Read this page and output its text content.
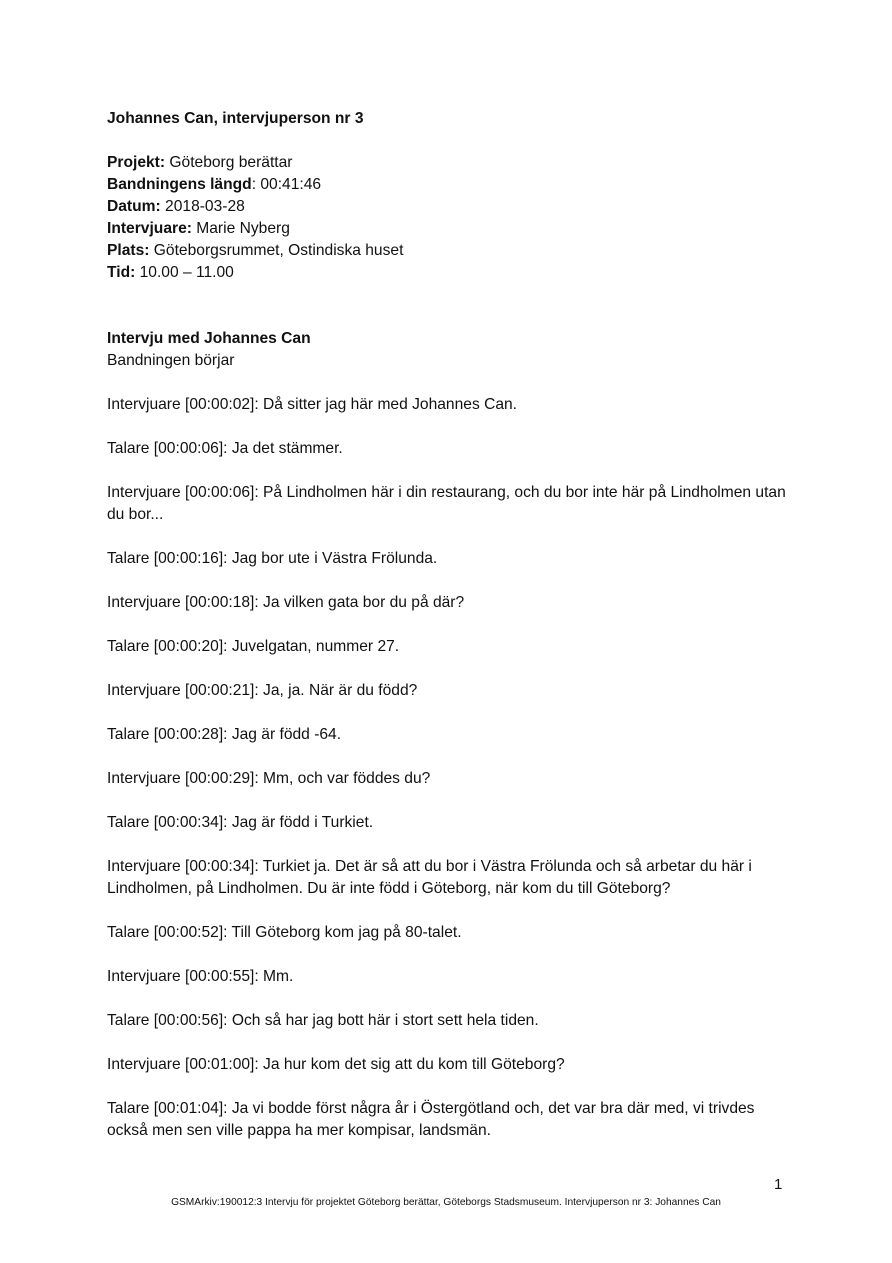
Johannes Can, intervjuperson nr 3

Projekt: Göteborg berättar

Bandningens längd: 00:41:46

Datum: 2018-03-28

Intervjuare: Marie Nyberg

Plats: Göteborgsrummet, Ostindiska huset

Tid: 10.00 – 11.00

Intervju med Johannes Can

Bandningen börjar

Intervjuare [00:00:02]: Då sitter jag här med Johannes Can.

Talare [00:00:06]: Ja det stämmer.

Intervjuare [00:00:06]: På Lindholmen här i din restaurang, och du bor inte här på Lindholmen utan du bor...

Talare [00:00:16]: Jag bor ute i Västra Frölunda.

Intervjuare [00:00:18]: Ja vilken gata bor du på där?

Talare [00:00:20]: Juvelgatan, nummer 27.

Intervjuare [00:00:21]: Ja, ja. När är du född?

Talare [00:00:28]: Jag är född -64.

Intervjuare [00:00:29]: Mm, och var föddes du?

Talare [00:00:34]: Jag är född i Turkiet.

Intervjuare [00:00:34]: Turkiet ja. Det är så att du bor i Västra Frölunda och så arbetar du här i Lindholmen, på Lindholmen. Du är inte född i Göteborg, när kom du till Göteborg?

Talare [00:00:52]: Till Göteborg kom jag på 80-talet.

Intervjuare [00:00:55]: Mm.

Talare [00:00:56]: Och så har jag bott här i stort sett hela tiden.

Intervjuare [00:01:00]: Ja hur kom det sig att du kom till Göteborg?

Talare [00:01:04]: Ja vi bodde först några år i Östergötland och, det var bra där med, vi trivdes också men sen ville pappa ha mer kompisar, landsmän.

1
GSMArkiv:190012:3 Intervju för projektet Göteborg berättar, Göteborgs Stadsmuseum. Intervjuperson nr 3: Johannes Can
